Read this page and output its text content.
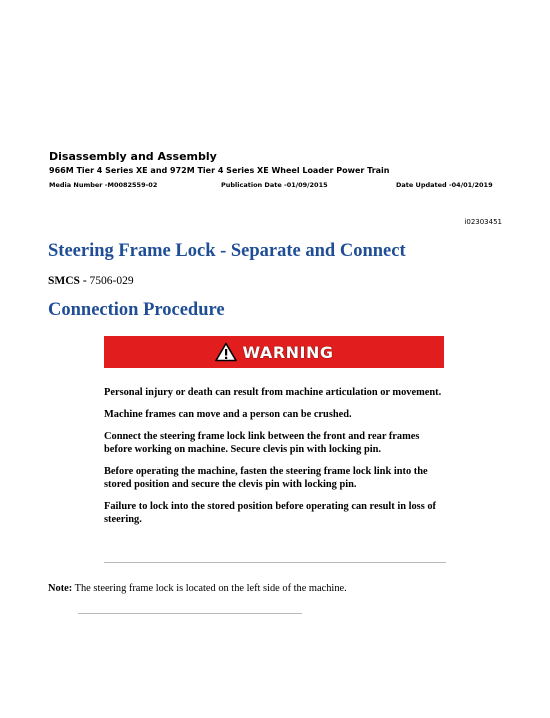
Disassembly and Assembly
966M Tier 4 Series XE and 972M Tier 4 Series XE Wheel Loader Power Train
Media Number -M0082559-02	Publication Date -01/09/2015	Date Updated -04/01/2019
i02303451
Steering Frame Lock - Separate and Connect
SMCS - 7506-029
Connection Procedure
WARNING

Personal injury or death can result from machine articulation or movement.

Machine frames can move and a person can be crushed.

Connect the steering frame lock link between the front and rear frames before working on machine. Secure clevis pin with locking pin.

Before operating the machine, fasten the steering frame lock link into the stored position and secure the clevis pin with locking pin.

Failure to lock into the stored position before operating can result in loss of steering.

Note: The steering frame lock is located on the left side of the machine.
